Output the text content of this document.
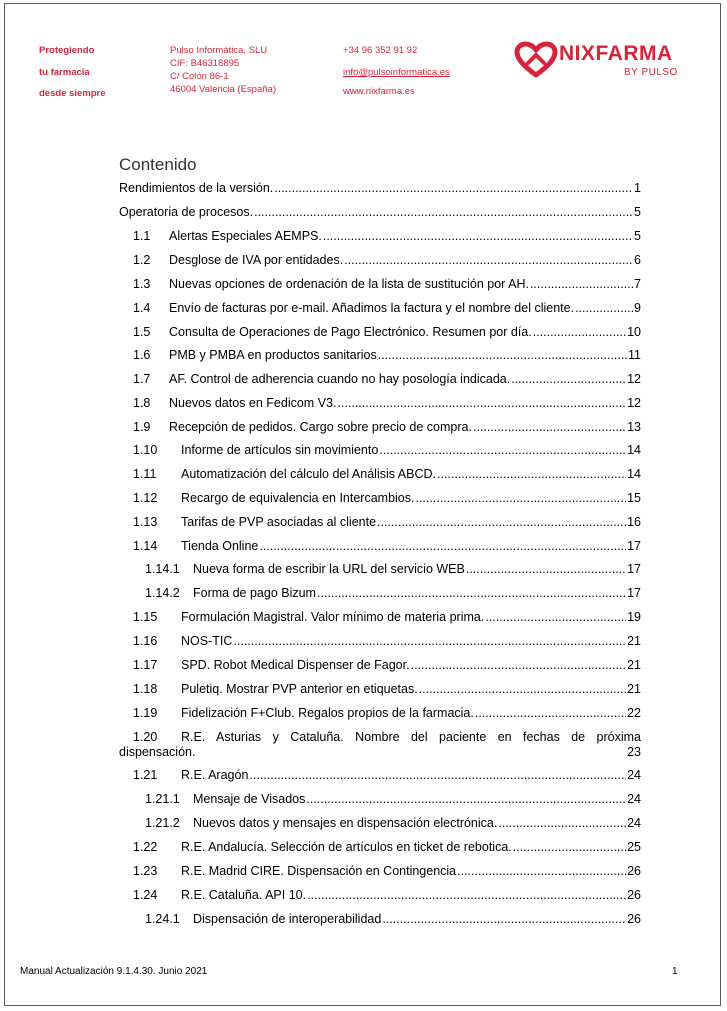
Protegiendo
tu farmacia
desde siempre
Pulso Informática, SLU
CIF: B46318895
C/ Colón 86-1
46004 Valencia (España)
+34 96 352 91 92
info@pulsoinformatica.es
www.nixfarma.es
NIXFARMA
BY PULSO
Contenido
Rendimientos de la versión. .....	1
Operatoria de procesos. .....	5
1.1	Alertas Especiales AEMPS. .....	5
1.2	Desglose de IVA por entidades. .....	6
1.3	Nuevas opciones de ordenación de la lista de sustitución por AH. .....	7
1.4	Envío de facturas por e-mail. Añadimos la factura y el nombre del cliente. .....	9
1.5	Consulta de Operaciones de Pago Electrónico. Resumen por día. .....	10
1.6	PMB y PMBA en productos sanitarios .....	11
1.7	AF. Control de adherencia cuando no hay posología indicada. .....	12
1.8	Nuevos datos en Fedicom V3. .....	12
1.9	Recepción de pedidos. Cargo sobre precio de compra. .....	13
1.10	Informe de artículos sin movimiento .....	14
1.11	Automatización del cálculo del Análisis ABCD. .....	14
1.12	Recargo de equivalencia en Intercambios. .....	15
1.13	Tarifas de PVP asociadas al cliente .....	16
1.14	Tienda Online .....	17
1.14.1	Nueva forma de escribir la URL del servicio WEB .....	17
1.14.2	Forma de pago Bizum .....	17
1.15	Formulación Magistral. Valor mínimo de materia prima. .....	19
1.16	NOS-TIC .....	21
1.17	SPD. Robot Medical Dispenser de Fagor. .....	21
1.18	Puletiq. Mostrar PVP anterior en etiquetas. .....	21
1.19	Fidelización F+Club. Regalos propios de la farmacia. .....	22
1.20	R.E. Asturias y Cataluña. Nombre del paciente en fechas de próxima
dispensación.	23
1.21	R.E. Aragón .....	24
1.21.1	Mensaje de Visados .....	24
1.21.2	Nuevos datos y mensajes en dispensación electrónica. .....	24
1.22	R.E. Andalucía. Selección de artículos en ticket de rebotica. .....	25
1.23	R.E. Madrid CIRE. Dispensación en Contingencia .....	26
1.24	R.E. Cataluña. API 10. .....	26
1.24.1	Dispensación de interoperabilidad .....	26
Manual Actualización 9.1.4.30. Junio 2021	1
